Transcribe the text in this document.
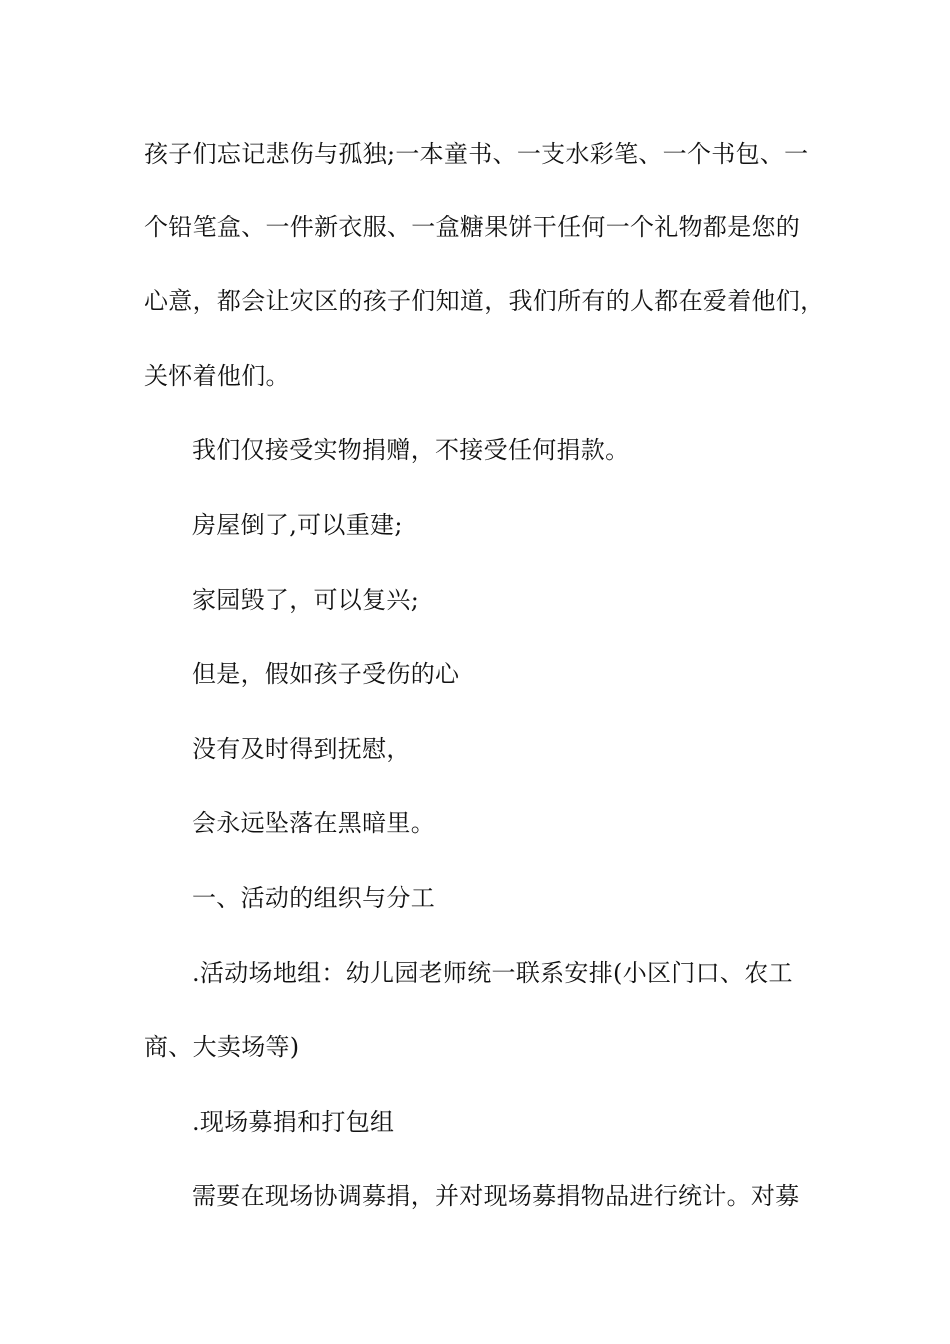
孩子们忘记悲伤与孤独;一本童书、一支水彩笔、一个书包、一
个铅笔盒、一件新衣服、一盒糖果饼干任何一个礼物都是您的
心意，都会让灾区的孩子们知道，我们所有的人都在爱着他们，
关怀着他们。
我们仅接受实物捐赠，不接受任何捐款。
房屋倒了,可以重建;
家园毁了，可以复兴;
但是，假如孩子受伤的心
没有及时得到抚慰，
会永远坠落在黑暗里。
一、活动的组织与分工
.活动场地组：幼儿园老师统一联系安排(小区门口、农工
商、大卖场等)
.现场募捐和打包组
需要在现场协调募捐，并对现场募捐物品进行统计。对募
